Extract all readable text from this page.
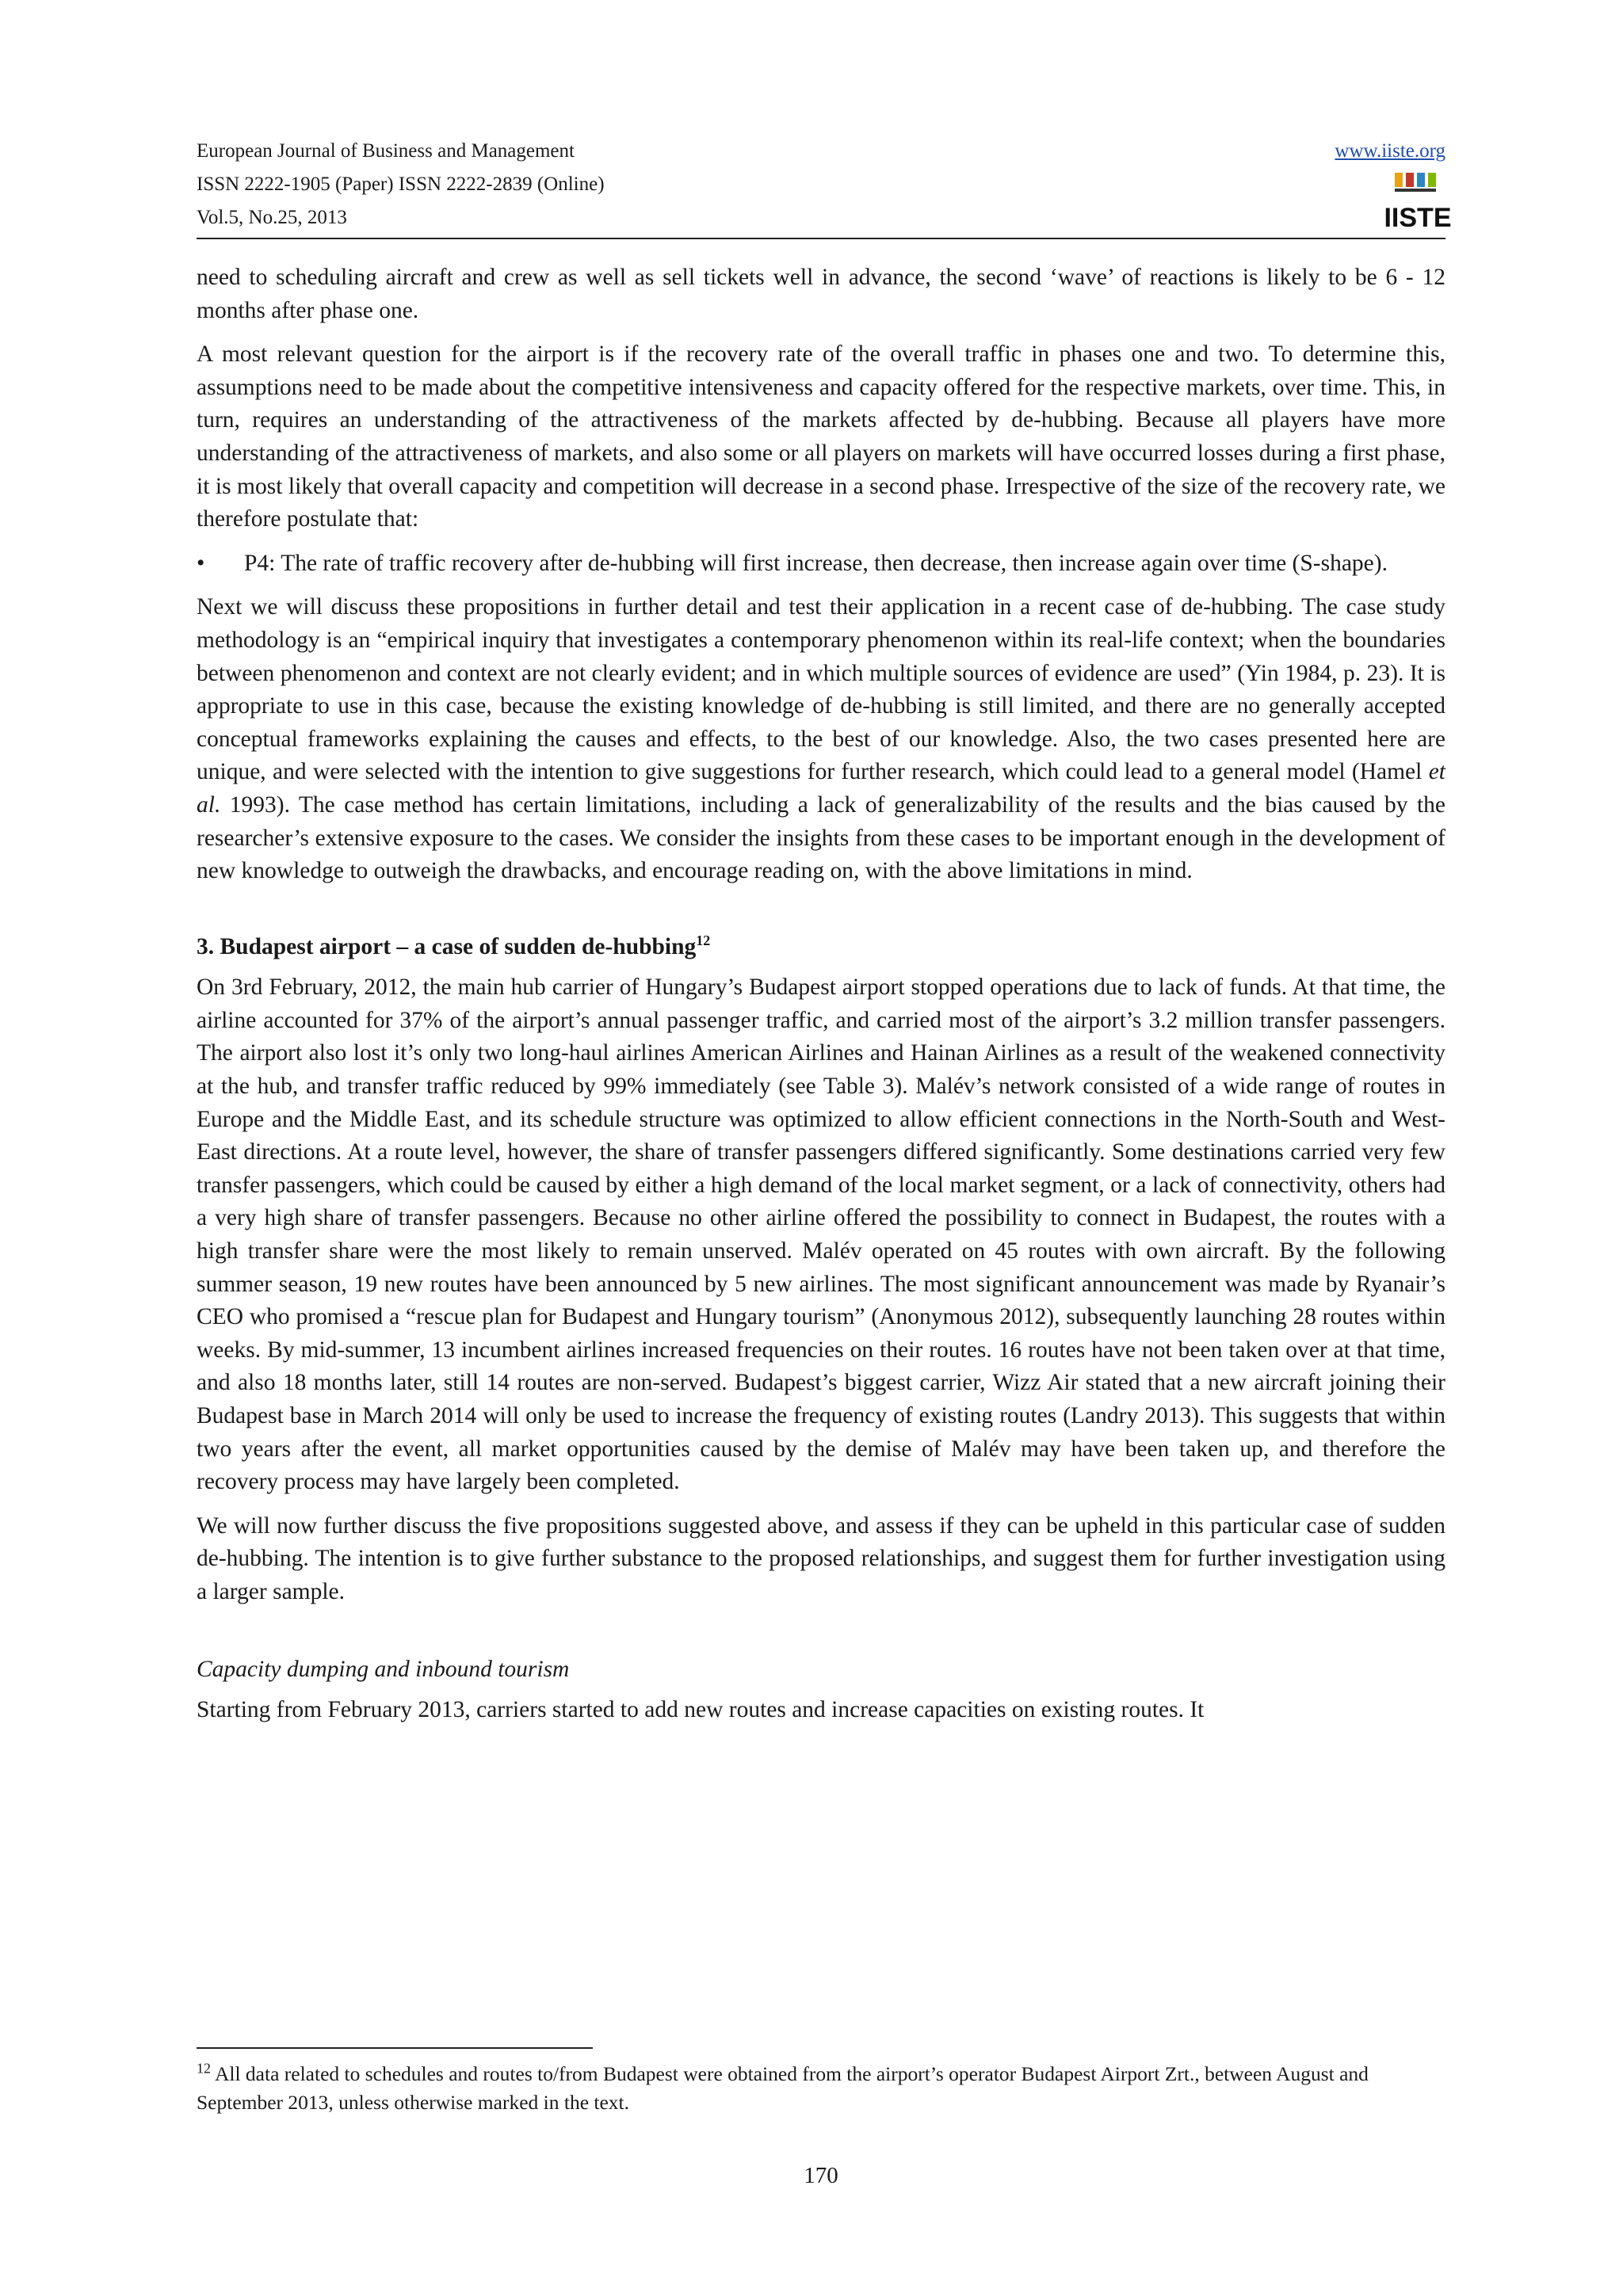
European Journal of Business and Management
ISSN 2222-1905 (Paper) ISSN 2222-2839 (Online)
Vol.5, No.25, 2013
www.iiste.org
IISTE

need to scheduling aircraft and crew as well as sell tickets well in advance, the second ‘wave’ of reactions is likely to be 6 - 12 months after phase one.

A most relevant question for the airport is if the recovery rate of the overall traffic in phases one and two. To determine this, assumptions need to be made about the competitive intensiveness and capacity offered for the respective markets, over time. This, in turn, requires an understanding of the attractiveness of the markets affected by de-hubbing. Because all players have more understanding of the attractiveness of markets, and also some or all players on markets will have occurred losses during a first phase, it is most likely that overall capacity and competition will decrease in a second phase. Irrespective of the size of the recovery rate, we therefore postulate that:

•	P4: The rate of traffic recovery after de-hubbing will first increase, then decrease, then increase again over time (S-shape).

Next we will discuss these propositions in further detail and test their application in a recent case of de-hubbing. The case study methodology is an “empirical inquiry that investigates a contemporary phenomenon within its real-life context; when the boundaries between phenomenon and context are not clearly evident; and in which multiple sources of evidence are used” (Yin 1984, p. 23). It is appropriate to use in this case, because the existing knowledge of de-hubbing is still limited, and there are no generally accepted conceptual frameworks explaining the causes and effects, to the best of our knowledge. Also, the two cases presented here are unique, and were selected with the intention to give suggestions for further research, which could lead to a general model (Hamel et al. 1993). The case method has certain limitations, including a lack of generalizability of the results and the bias caused by the researcher’s extensive exposure to the cases. We consider the insights from these cases to be important enough in the development of new knowledge to outweigh the drawbacks, and encourage reading on, with the above limitations in mind.

3. Budapest airport – a case of sudden de-hubbing$^{12}$

On 3rd February, 2012, the main hub carrier of Hungary’s Budapest airport stopped operations due to lack of funds. At that time, the airline accounted for 37% of the airport’s annual passenger traffic, and carried most of the airport’s 3.2 million transfer passengers. The airport also lost it’s only two long-haul airlines American Airlines and Hainan Airlines as a result of the weakened connectivity at the hub, and transfer traffic reduced by 99% immediately (see Table 3). Malév’s network consisted of a wide range of routes in Europe and the Middle East, and its schedule structure was optimized to allow efficient connections in the North-South and West-East directions. At a route level, however, the share of transfer passengers differed significantly. Some destinations carried very few transfer passengers, which could be caused by either a high demand of the local market segment, or a lack of connectivity, others had a very high share of transfer passengers. Because no other airline offered the possibility to connect in Budapest, the routes with a high transfer share were the most likely to remain unserved. Malév operated on 45 routes with own aircraft. By the following summer season, 19 new routes have been announced by 5 new airlines. The most significant announcement was made by Ryanair’s CEO who promised a “rescue plan for Budapest and Hungary tourism” (Anonymous 2012), subsequently launching 28 routes within weeks. By mid-summer, 13 incumbent airlines increased frequencies on their routes. 16 routes have not been taken over at that time, and also 18 months later, still 14 routes are non-served. Budapest’s biggest carrier, Wizz Air stated that a new aircraft joining their Budapest base in March 2014 will only be used to increase the frequency of existing routes (Landry 2013). This suggests that within two years after the event, all market opportunities caused by the demise of Malév may have been taken up, and therefore the recovery process may have largely been completed.

We will now further discuss the five propositions suggested above, and assess if they can be upheld in this particular case of sudden de-hubbing. The intention is to give further substance to the proposed relationships, and suggest them for further investigation using a larger sample.

Capacity dumping and inbound tourism

Starting from February 2013, carriers started to add new routes and increase capacities on existing routes. It

$^{12}$ All data related to schedules and routes to/from Budapest were obtained from the airport’s operator Budapest Airport Zrt., between August and September 2013, unless otherwise marked in the text.
170
